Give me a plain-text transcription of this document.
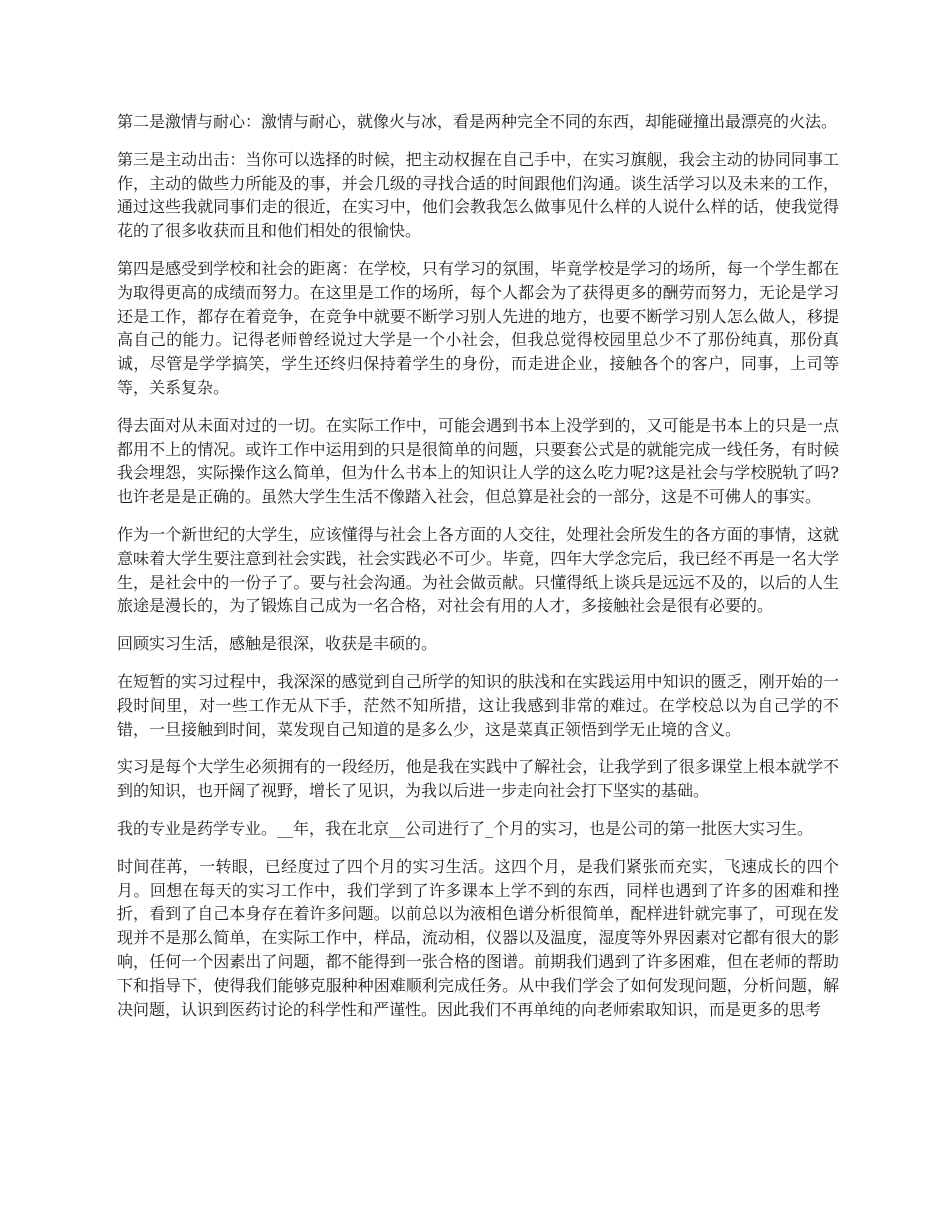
第二是激情与耐心：激情与耐心，就像火与冰，看是两种完全不同的东西，却能碰撞出最漂亮的火法。

第三是主动出击：当你可以选择的时候，把主动权握在自己手中，在实习旗舰，我会主动的协同同事工作，主动的做些力所能及的事，并会几级的寻找合适的时间跟他们沟通。谈生活学习以及未来的工作，通过这些我就同事们走的很近，在实习中，他们会教我怎么做事见什么样的人说什么样的话，使我觉得花的了很多收获而且和他们相处的很愉快。

第四是感受到学校和社会的距离：在学校，只有学习的氛围，毕竟学校是学习的场所，每一个学生都在为取得更高的成绩而努力。在这里是工作的场所，每个人都会为了获得更多的酬劳而努力，无论是学习还是工作，都存在着竞争，在竞争中就要不断学习别人先进的地方，也要不断学习别人怎么做人，移提高自己的能力。记得老师曾经说过大学是一个小社会，但我总觉得校园里总少不了那份纯真，那份真诚，尽管是学学搞笑，学生还终归保持着学生的身份，而走进企业，接触各个的客户，同事，上司等等，关系复杂。

得去面对从未面对过的一切。在实际工作中，可能会遇到书本上没学到的，又可能是书本上的只是一点都用不上的情况。或许工作中运用到的只是很简单的问题，只要套公式是的就能完成一线任务，有时候我会埋怨，实际操作这么简单，但为什么书本上的知识让人学的这么吃力呢?这是社会与学校脱轨了吗?也许老是是正确的。虽然大学生生活不像踏入社会，但总算是社会的一部分，这是不可佛人的事实。

作为一个新世纪的大学生，应该懂得与社会上各方面的人交往，处理社会所发生的各方面的事情，这就意味着大学生要注意到社会实践，社会实践必不可少。毕竟，四年大学念完后，我已经不再是一名大学生，是社会中的一份子了。要与社会沟通。为社会做贡献。只懂得纸上谈兵是远远不及的，以后的人生旅途是漫长的，为了锻炼自己成为一名合格，对社会有用的人才，多接触社会是很有必要的。

回顾实习生活，感触是很深，收获是丰硕的。

在短暂的实习过程中，我深深的感觉到自己所学的知识的肤浅和在实践运用中知识的匮乏，刚开始的一段时间里，对一些工作无从下手，茫然不知所措，这让我感到非常的难过。在学校总以为自己学的不错，一旦接触到时间，菜发现自己知道的是多么少，这是菜真正领悟到学无止境的含义。

实习是每个大学生必须拥有的一段经历，他是我在实践中了解社会，让我学到了很多课堂上根本就学不到的知识，也开阔了视野，增长了见识，为我以后进一步走向社会打下坚实的基础。

我的专业是药学专业。__年，我在北京__公司进行了_个月的实习，也是公司的第一批医大实习生。

时间荏苒，一转眼，已经度过了四个月的实习生活。这四个月，是我们紧张而充实，飞速成长的四个月。回想在每天的实习工作中，我们学到了许多课本上学不到的东西，同样也遇到了许多的困难和挫折，看到了自己本身存在着许多问题。以前总以为液相色谱分析很简单，配样进针就完事了，可现在发现并不是那么简单，在实际工作中，样品，流动相，仪器以及温度，湿度等外界因素对它都有很大的影响，任何一个因素出了问题，都不能得到一张合格的图谱。前期我们遇到了许多困难，但在老师的帮助下和指导下，使得我们能够克服种种困难顺利完成任务。从中我们学会了如何发现问题，分析问题，解决问题，认识到医药讨论的科学性和严谨性。因此我们不再单纯的向老师索取知识，而是更多的思考
